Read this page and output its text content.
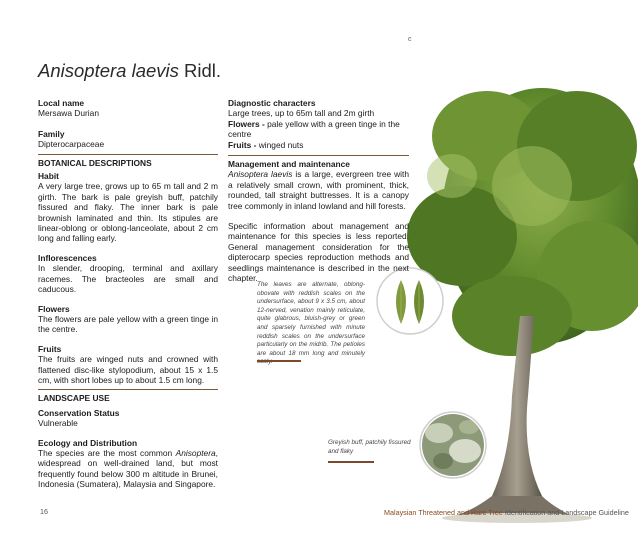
ͼ
Anisoptera laevis Ridl.
Local name
Mersawa Durian
Family
Dipterocarpaceae
BOTANICAL DESCRIPTIONS
Habit

A very large tree, grows up to 65 m tall and 2 m girth. The bark is pale greyish buff, patchily fissured and flaky. The inner bark is pale brownish laminated and thin. Its stipules are linear-oblong or oblong-lanceolate, about 2 cm long and falling early.

Inflorescences

In slender, drooping, terminal and axillary racemes. The bracteoles are small and caducous.

Flowers

The flowers are pale yellow with a green tinge in the centre.

Fruits

The fruits are winged nuts and crowned with flattened disc-like stylopodium, about 15 x 1.5 cm, with short lobes up to about 1.5 cm long.

LANDSCAPE USE
Conservation Status
Vulnerable
Ecology and Distribution

The species are the most common Anisoptera, widespread on well-drained land, but most frequently found below 300 m altitude in Brunei, Indonesia (Sumatera), Malaysia and Singapore.

Diagnostic characters
Large trees, up to 65m tall and 2m girth
Flowers - pale yellow with a green tinge in the centre
Fruits - winged nuts
Management and maintenance

Anisoptera laevis is a large, evergreen tree with a relatively small crown, with prominent, thick, rounded, tall straight buttresses. It is a canopy tree commonly in inland lowland and hill forests.

Specific information about management and maintenance for this species is less reported. General management consideration for the dipterocarp species reproduction methods and seedlings maintenance is described in the next chapter.

The leaves are alternate, oblong-obovate with reddish scales on the undersurface, about 9 x 3.5 cm, about 12-nerved, venation mainly reticulate, quite glabrous, bluish-grey or green and sparsely furnished with minute reddish scales on the undersurface particularly on the midrib. The petioles are about 18 mm long and minutely scaly.
Greyish buff, patchily fissured and flaky
16	Malaysian Threatened and Rare Tree Identification and Landscape Guideline
